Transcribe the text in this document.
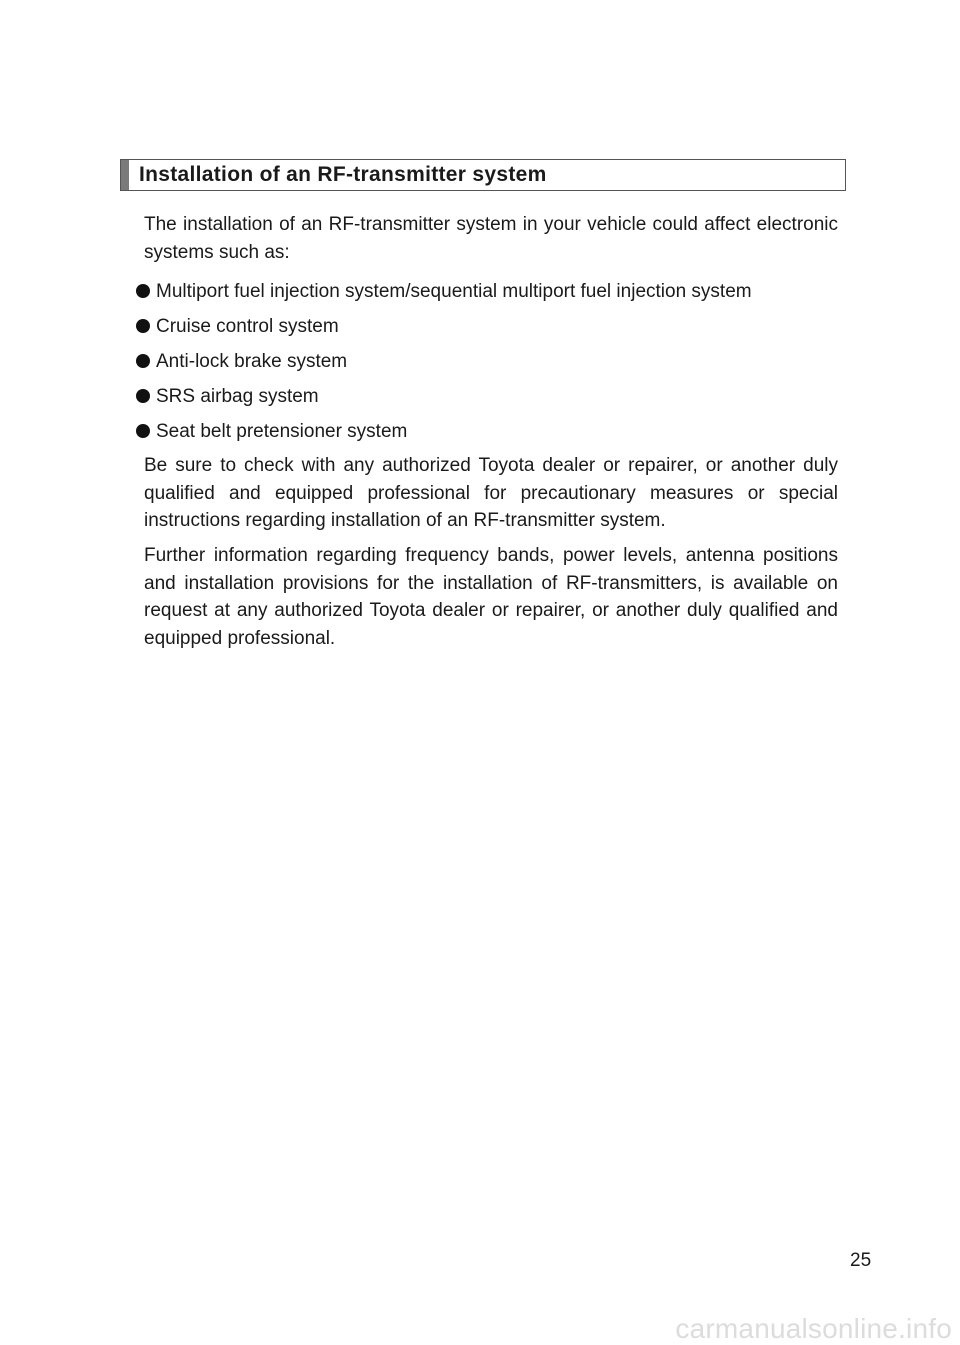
Installation of an RF-transmitter system

The installation of an RF-transmitter system in your vehicle could affect electronic systems such as:

Multiport fuel injection system/sequential multiport fuel injection system
Cruise control system
Anti-lock brake system
SRS airbag system
Seat belt pretensioner system

Be sure to check with any authorized Toyota dealer or repairer, or another duly qualified and equipped professional for precautionary measures or special instructions regarding installation of an RF-transmitter system.

Further information regarding frequency bands, power levels, antenna positions and installation provisions for the installation of RF-transmitters, is available on request at any authorized Toyota dealer or repairer, or another duly qualified and equipped professional.

25
carmanualsonline.info
